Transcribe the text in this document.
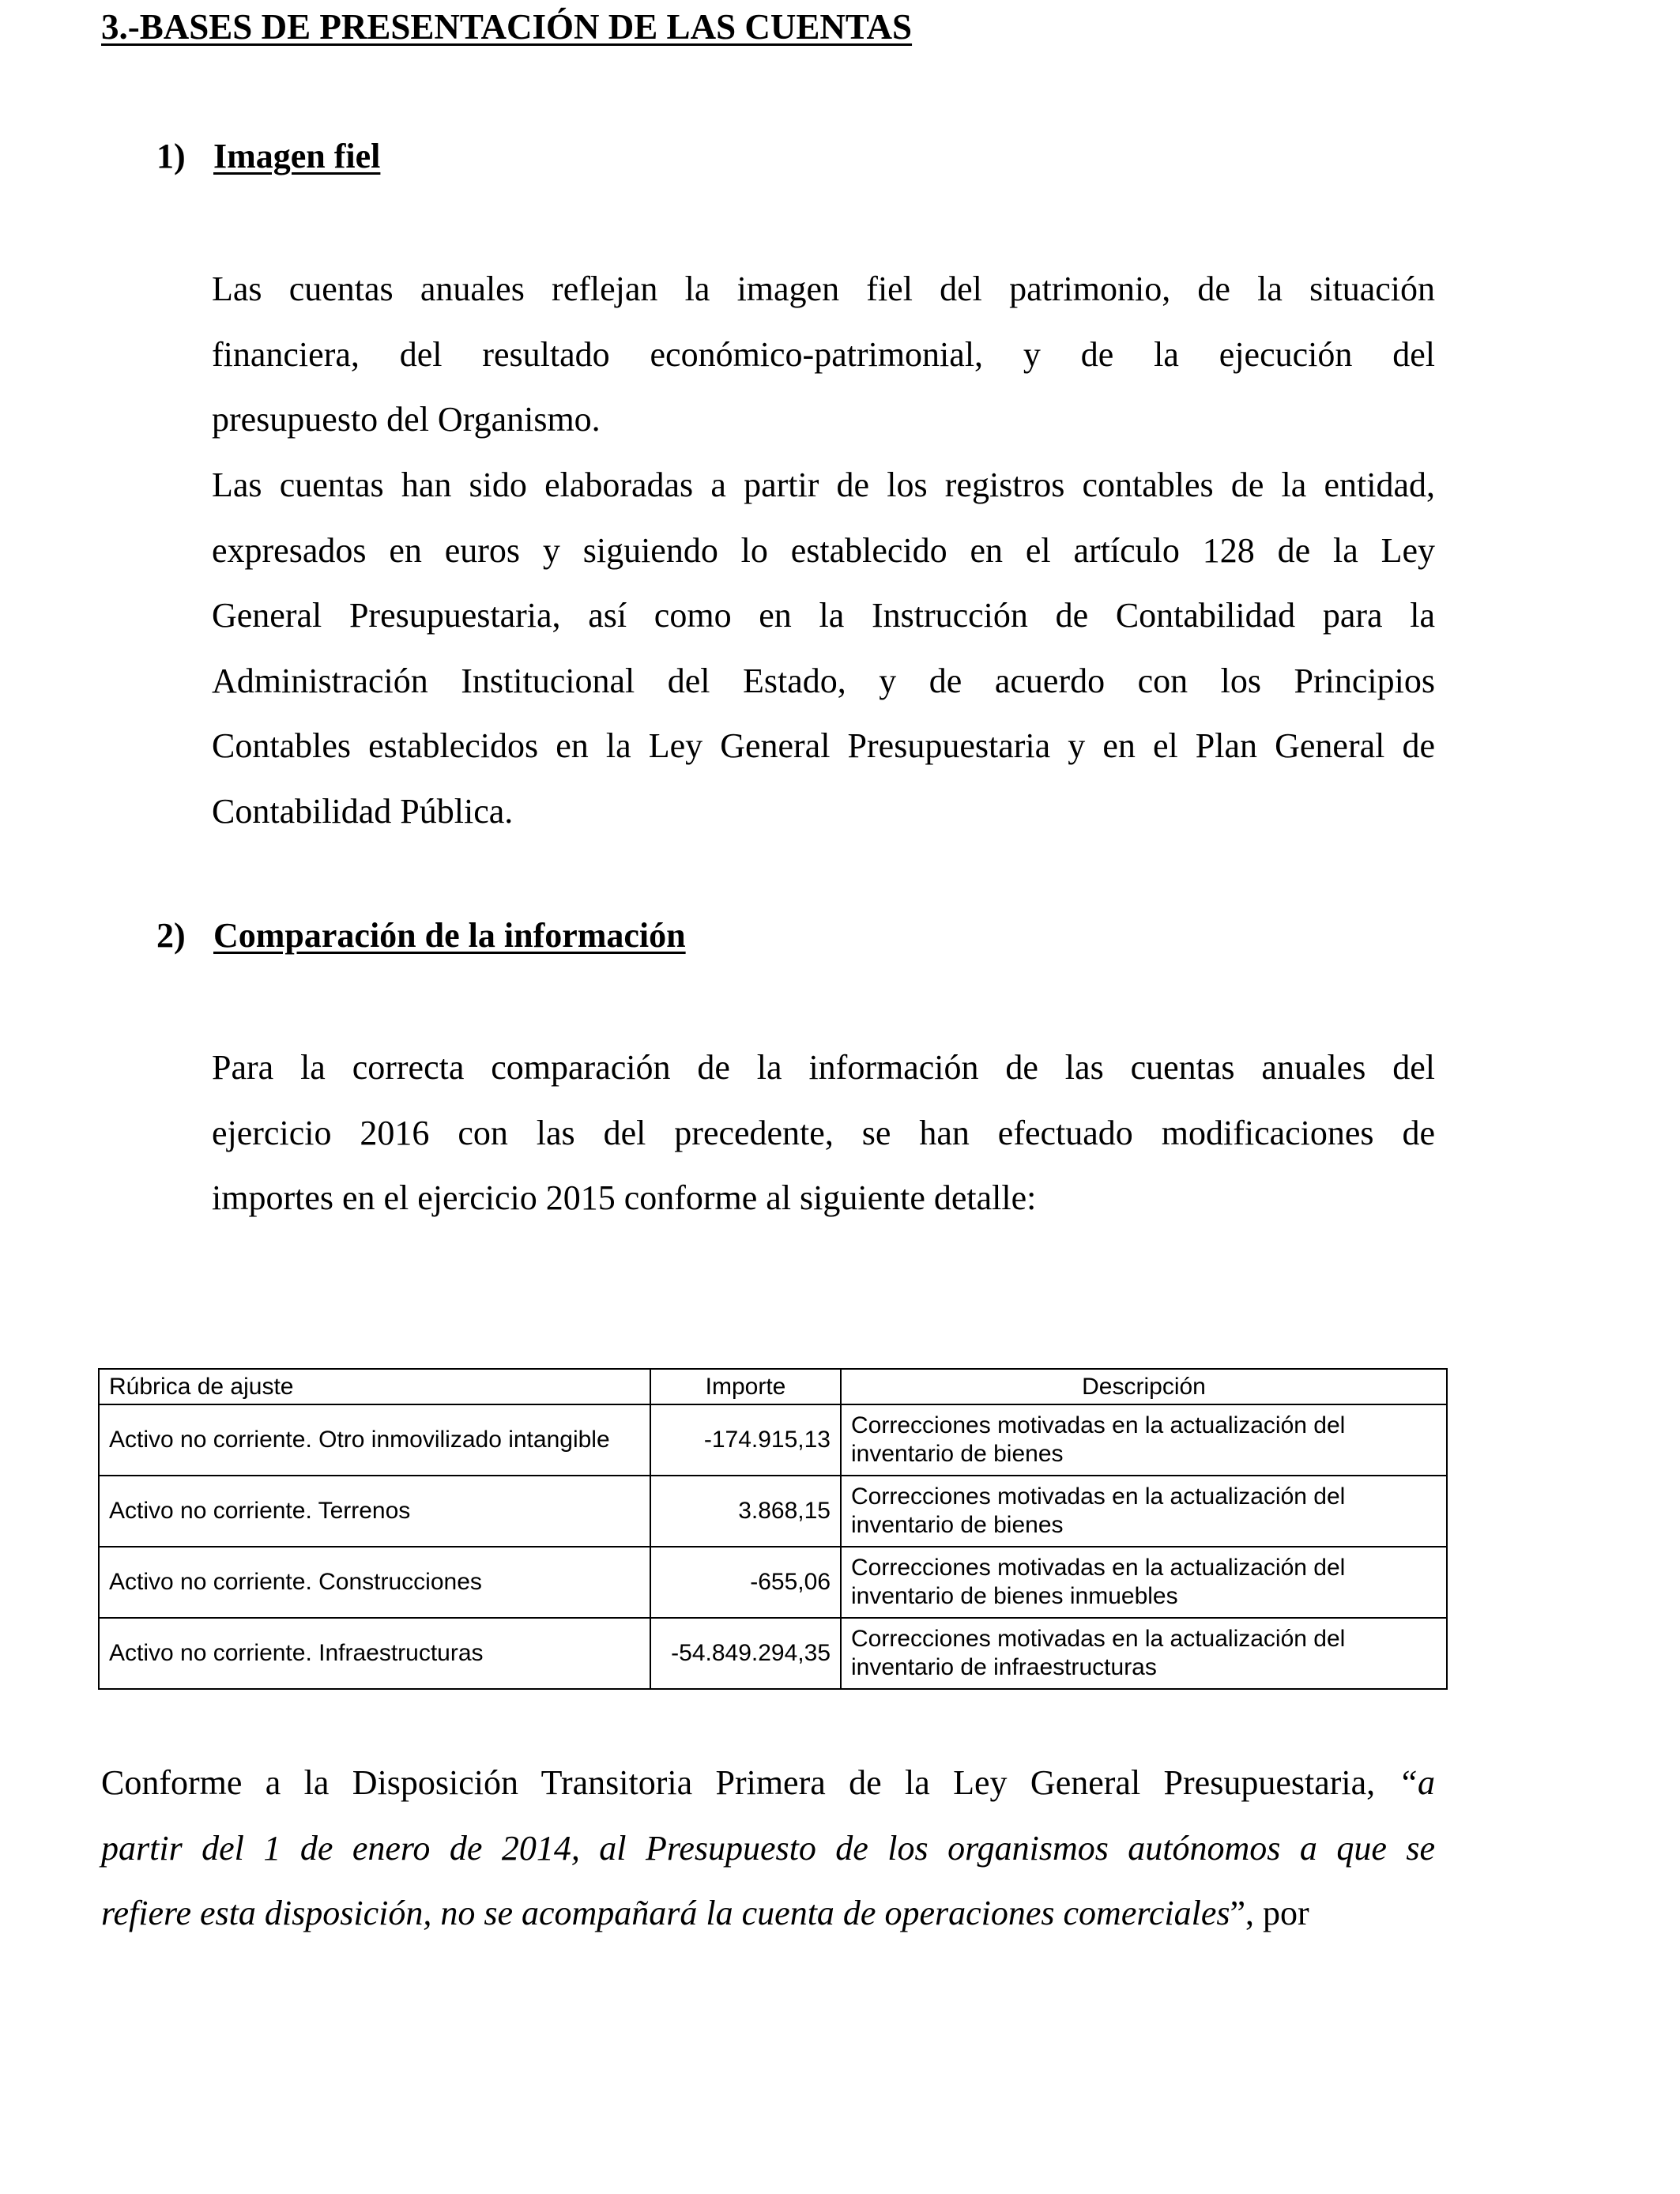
3.-BASES DE PRESENTACIÓN DE LAS CUENTAS
1) Imagen fiel
Las cuentas anuales reflejan la imagen fiel del patrimonio, de la situación
financiera, del resultado económico-patrimonial, y de la ejecución del
presupuesto del Organismo.
Las cuentas han sido elaboradas a partir de los registros contables de la entidad,
expresados en euros y siguiendo lo establecido en el artículo 128 de la Ley
General Presupuestaria, así como en la Instrucción de Contabilidad para la
Administración Institucional del Estado, y de acuerdo con los Principios
Contables establecidos en la Ley General Presupuestaria y en el Plan General de
Contabilidad Pública.
2) Comparación de la información
Para la correcta comparación de la información de las cuentas anuales del
ejercicio 2016 con las del precedente, se han efectuado modificaciones de
importes en el ejercicio 2015 conforme al siguiente detalle:
Rúbrica de ajuste	Importe	Descripción
Activo no corriente. Otro inmovilizado intangible	-174.915,13	Correcciones motivadas en la actualización del
inventario de bienes

Activo no corriente. Terrenos	3.868,15	Correcciones motivadas en la actualización del
inventario de bienes

Activo no corriente. Construcciones	-655,06	Correcciones motivadas en la actualización del
inventario de bienes inmuebles

Activo no corriente. Infraestructuras	-54.849.294,35	Correcciones motivadas en la actualización del
inventario de infraestructuras
Conforme a la Disposición Transitoria Primera de la Ley General Presupuestaria, “a
partir del 1 de enero de 2014, al Presupuesto de los organismos autónomos a que se
refiere esta disposición, no se acompañará la cuenta de operaciones comerciales”, por
